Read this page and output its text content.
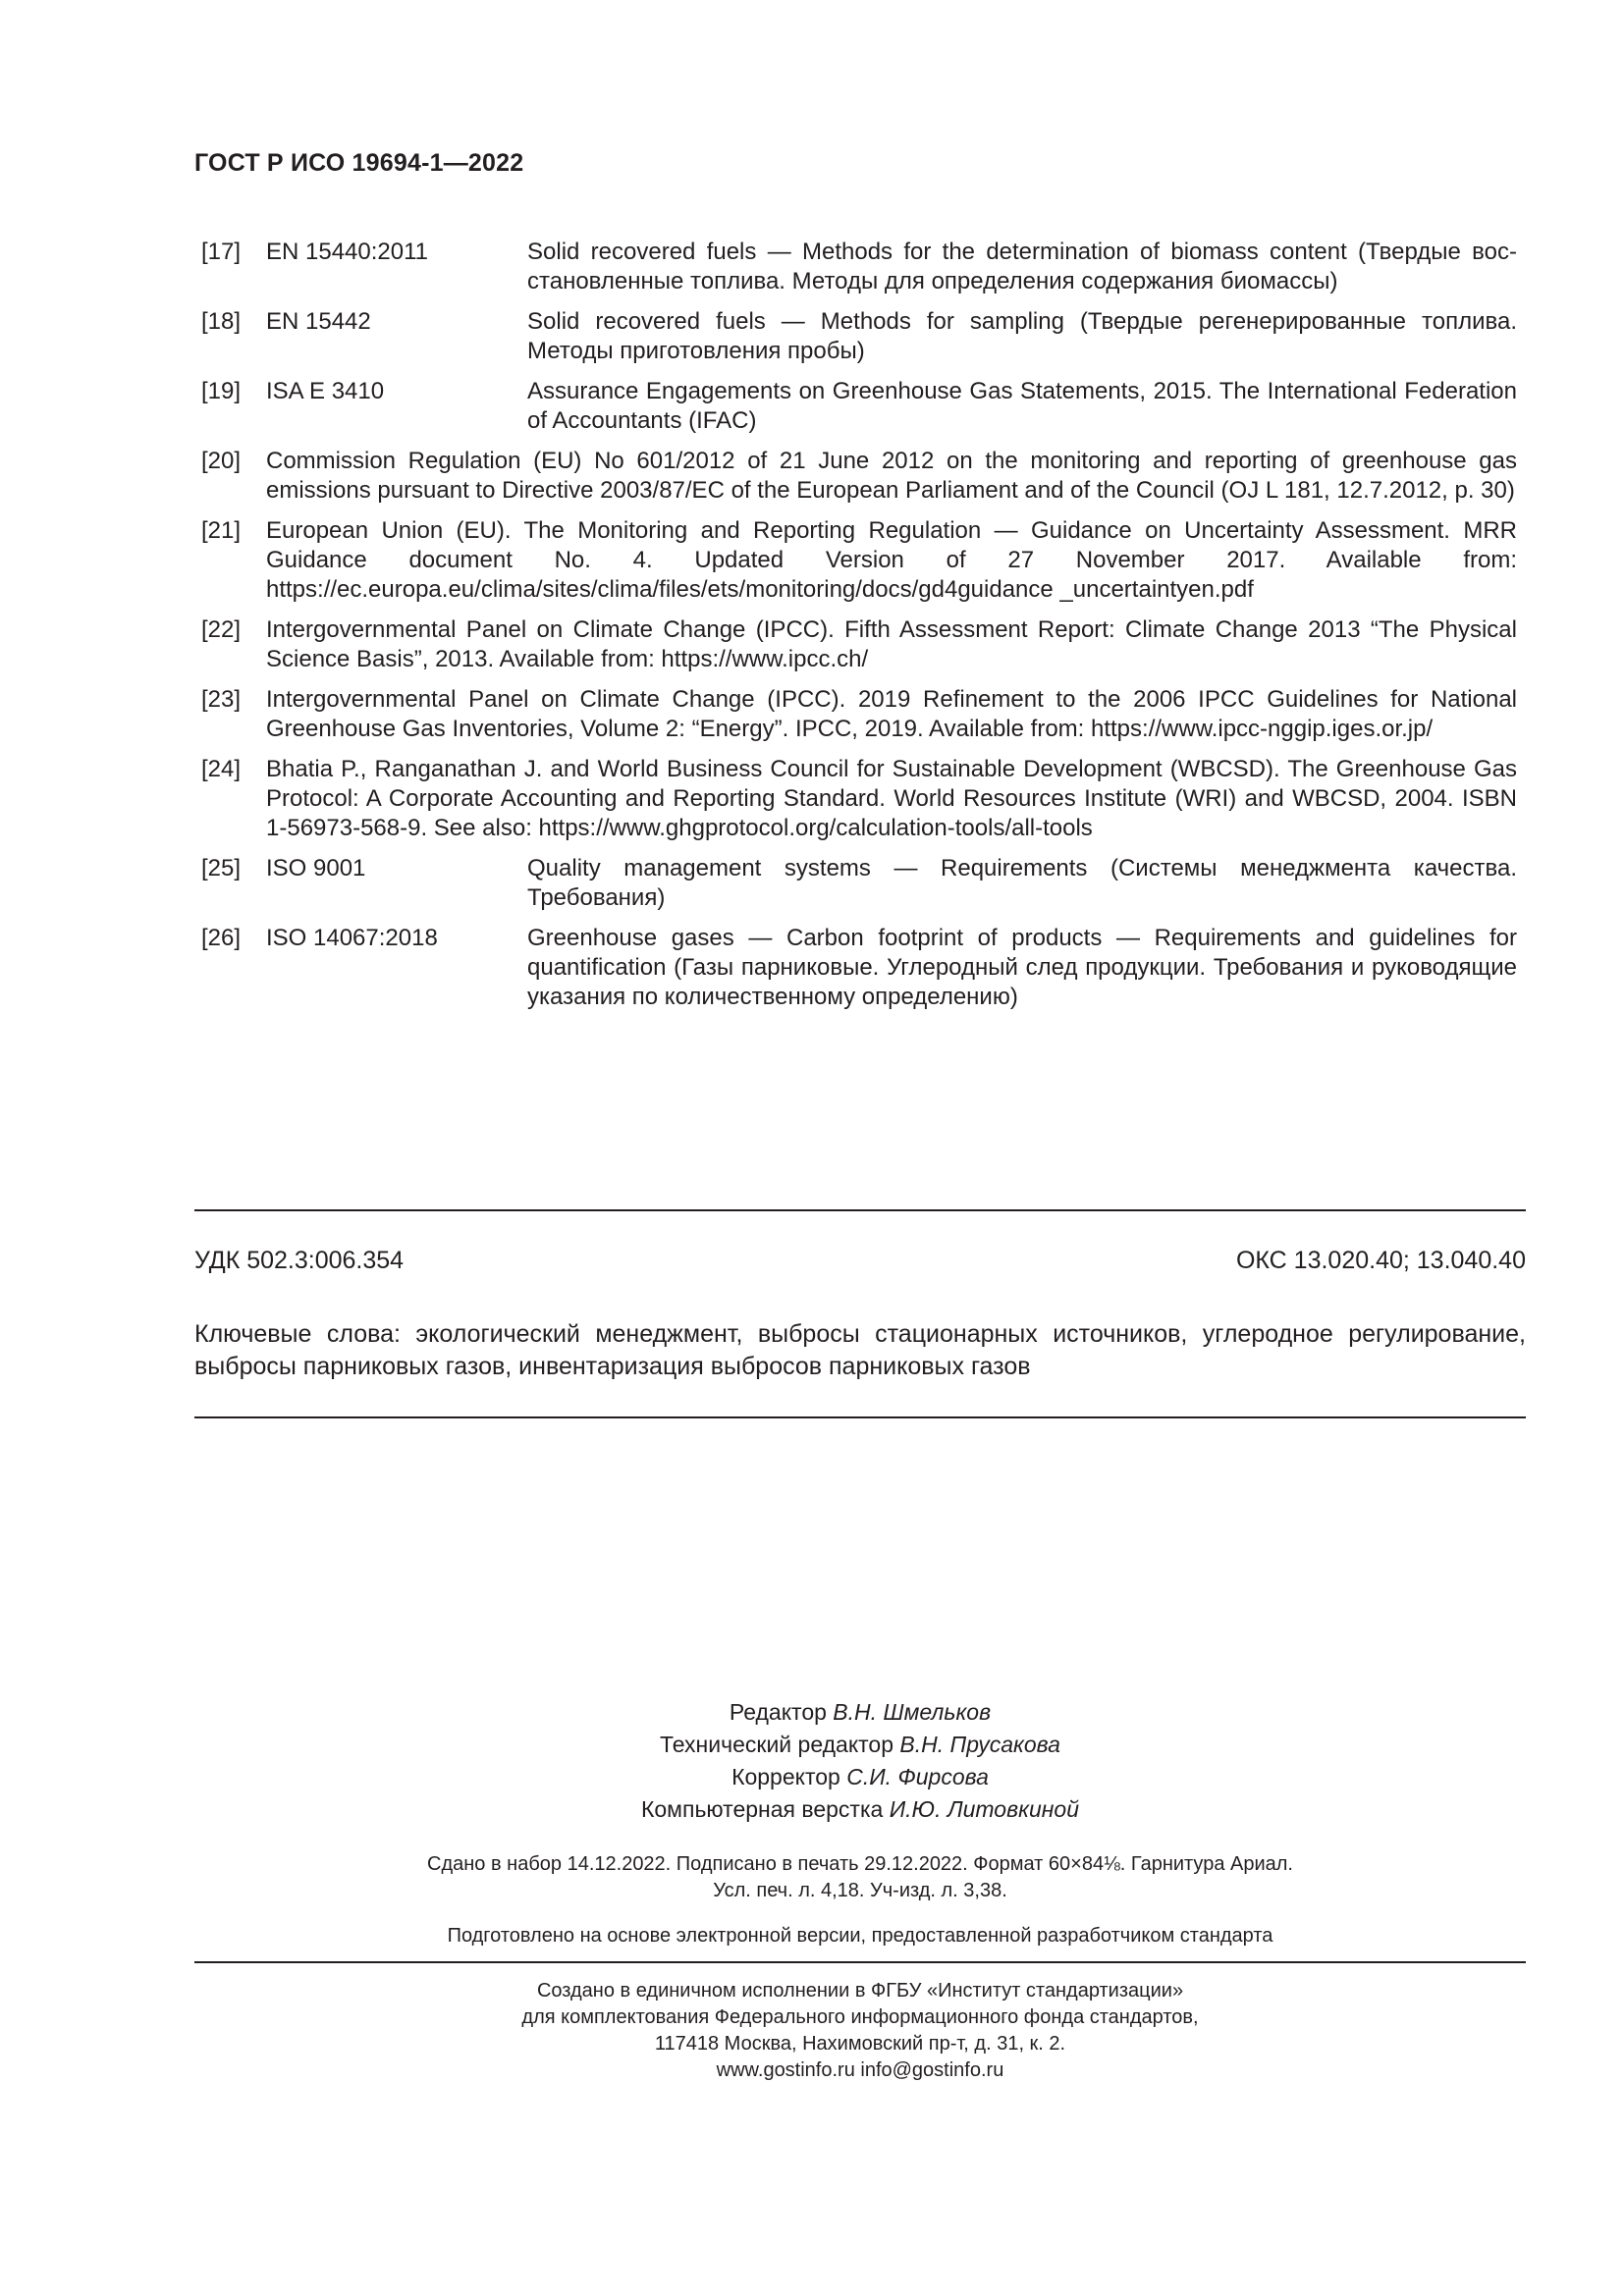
ГОСТ Р ИСО 19694-1—2022
[17]	EN 15440:2011	Solid recovered fuels — Methods for the determination of biomass content (Твердые восстановленные топлива. Методы для определения содержания биомассы)
[18]	EN 15442	Solid recovered fuels — Methods for sampling (Твердые регенерированные топлива. Методы приготовления пробы)
[19]	ISA E 3410	Assurance Engagements on Greenhouse Gas Statements, 2015. The International Federation of Accountants (IFAC)
[20]	Commission Regulation (EU) No 601/2012 of 21 June 2012 on the monitoring and reporting of greenhouse gas emissions pursuant to Directive 2003/87/EC of the European Parliament and of the Council (OJ L 181, 12.7.2012, p. 30)
[21]	European Union (EU). The Monitoring and Reporting Regulation — Guidance on Uncertainty Assessment. MRR Guidance document No. 4. Updated Version of 27 November 2017. Available from: https://ec.europa.eu/clima/sites/clima/files/ets/monitoring/docs/gd4guidance _uncertaintyen.pdf
[22]	Intergovernmental Panel on Climate Change (IPCC). Fifth Assessment Report: Climate Change 2013 “The Physical Science Basis”, 2013. Available from: https://www.ipcc.ch/
[23]	Intergovernmental Panel on Climate Change (IPCC). 2019 Refinement to the 2006 IPCC Guidelines for National Greenhouse Gas Inventories, Volume 2: “Energy”. IPCC, 2019. Available from: https://www.ipcc-nggip.iges.or.jp/
[24]	Bhatia P., Ranganathan J. and World Business Council for Sustainable Development (WBCSD). The Greenhouse Gas Protocol: A Corporate Accounting and Reporting Standard. World Resources Institute (WRI) and WBCSD, 2004. ISBN 1-56973-568-9. See also: https://www.ghgprotocol.org/calculation-tools/all-tools
[25]	ISO 9001	Quality management systems — Requirements (Системы менеджмента качества. Требования)
[26]	ISO 14067:2018	Greenhouse gases — Carbon footprint of products — Requirements and guidelines for quantification (Газы парниковые. Углеродный след продукции. Требования и руководящие указания по количественному определению)
УДК 502.3:006.354	ОКС 13.020.40; 13.040.40
Ключевые слова: экологический менеджмент, выбросы стационарных источников, углеродное регулирование, выбросы парниковых газов, инвентаризация выбросов парниковых газов
Редактор В.Н. Шмельков
Технический редактор В.Н. Прусакова
Корректор С.И. Фирсова
Компьютерная верстка И.Ю. Литовкиной
Сдано в набор 14.12.2022. Подписано в печать 29.12.2022. Формат 60×84⅛. Гарнитура Ариал.
Усл. печ. л. 4,18. Уч-изд. л. 3,38.
Подготовлено на основе электронной версии, предоставленной разработчиком стандарта
Создано в единичном исполнении в ФГБУ «Институт стандартизации»
для комплектования Федерального информационного фонда стандартов,
117418 Москва, Нахимовский пр-т, д. 31, к. 2.
www.gostinfo.ru info@gostinfo.ru
